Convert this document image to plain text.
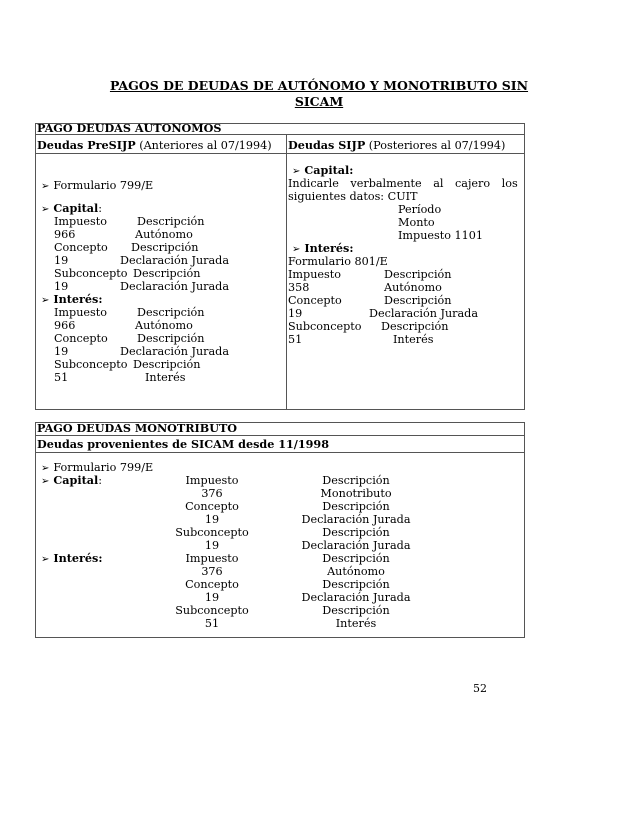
PAGOS DE DEUDAS DE AUTÓNOMO Y MONOTRIBUTO SIN
SICAM
PAGO DEUDAS AUTONOMOS
Deudas PreSIJP (Anteriores al 07/1994) Deudas SIJP (Posteriores al 07/1994)
➢ Formulario 799/E
➢ Capital:
Impuesto	Descripción
966	Autónomo
Concepto Descripción
19	Declaración Jurada
Subconcepto Descripción
19	Declaración Jurada
➢ Interés:
Impuesto	Descripción
966	Autónomo
Concepto	Descripción
19	Declaración Jurada
Subconcepto Descripción
51	Interés
➢ Capital:
Indicarle verbalmente al cajero los
siguientes datos: CUIT
Período
Monto
Impuesto 1101
➢ Interés:
Formulario 801/E
Impuesto	Descripción
358	Autónomo
Concepto	Descripción
19	Declaración Jurada
Subconcepto Descripción
51	Interés
PAGO DEUDAS MONOTRIBUTO
Deudas provenientes de SICAM desde 11/1998
➢ Formulario 799/E
➢ Capital:	Impuesto	Descripción
376	Monotributo
Concepto	Descripción
19	Declaración Jurada
Subconcepto	Descripción
19	Declaración Jurada
➢ Interés:	Impuesto	Descripción
376	Autónomo
Concepto	Descripción
19	Declaración Jurada
Subconcepto	Descripción
51	Interés
52
